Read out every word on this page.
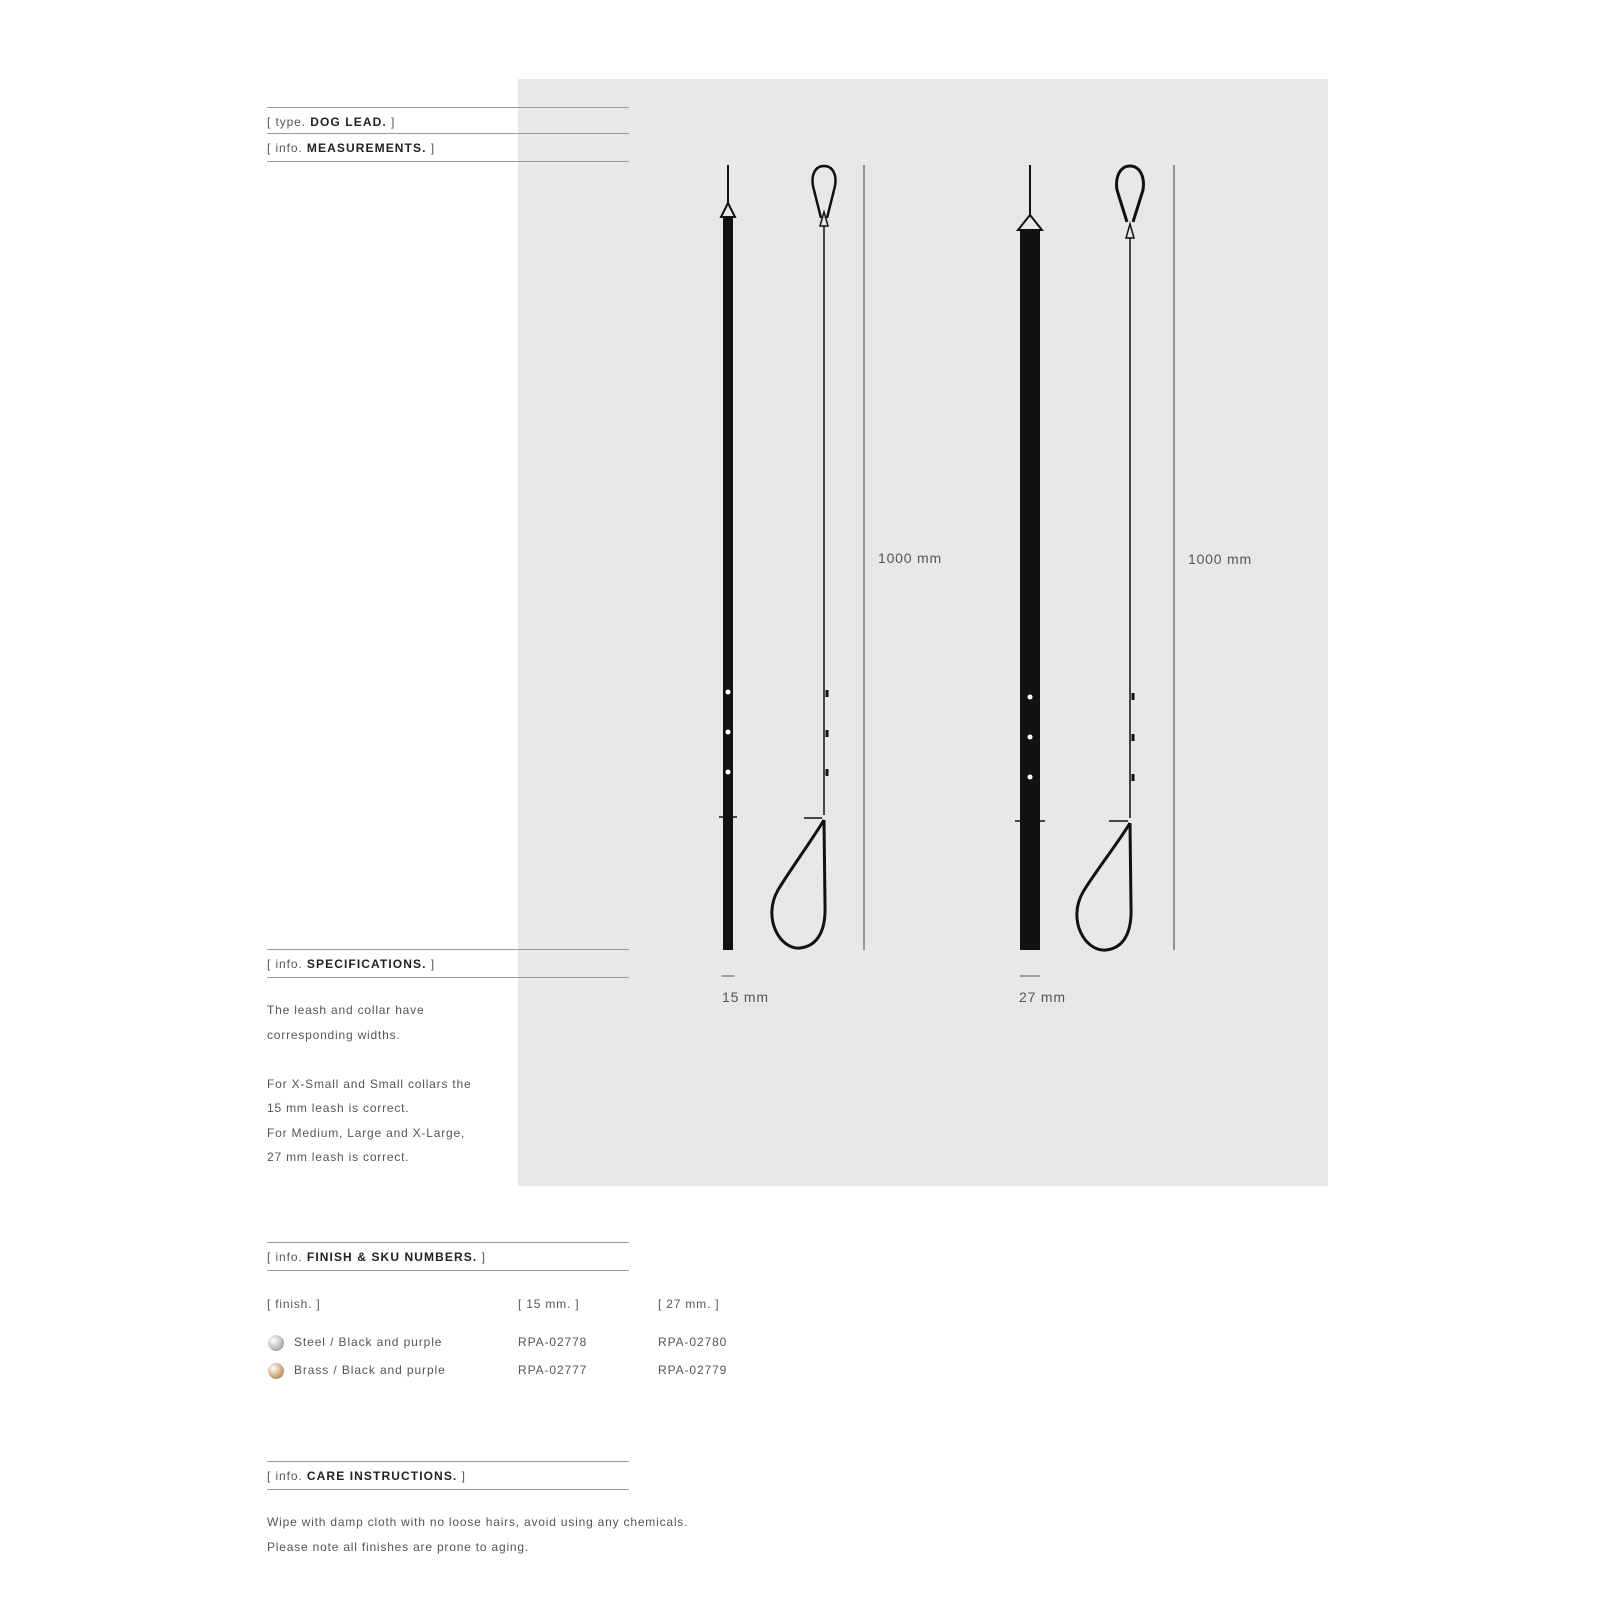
[ type. DOG LEAD. ]
[ info. MEASUREMENTS. ]
1000 mm	1000 mm
15 mm	27 mm
[ info. SPECIFICATIONS. ]
The leash and collar have
corresponding widths.
For X-Small and Small collars the
15 mm leash is correct.
For Medium, Large and X-Large,
27 mm leash is correct.
[ info. FINISH & SKU NUMBERS. ]
[ finish. ]	[ 15 mm. ]	[ 27 mm. ]
Steel / Black and purple	RPA-02778	RPA-02780
Brass / Black and purple	RPA-02777	RPA-02779
[ info. CARE INSTRUCTIONS. ]
Wipe with damp cloth with no loose hairs, avoid using any chemicals.
Please note all finishes are prone to aging.
